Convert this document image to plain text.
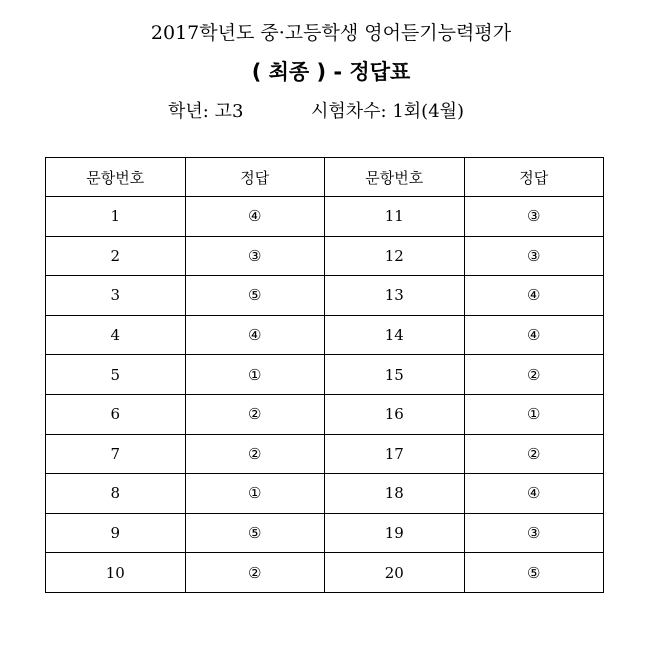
2017학년도 중·고등학생 영어듣기능력평가
( 최종 ) - 정답표
학년: 고3	시험차수: 1회(4월)
문항번호	정답	문항번호	정답
1	④	11	③
2	③	12	③
3	⑤	13	④
4	④	14	④
5	①	15	②
6	②	16	①
7	②	17	②
8	①	18	④
9	⑤	19	③
10	②	20	⑤
